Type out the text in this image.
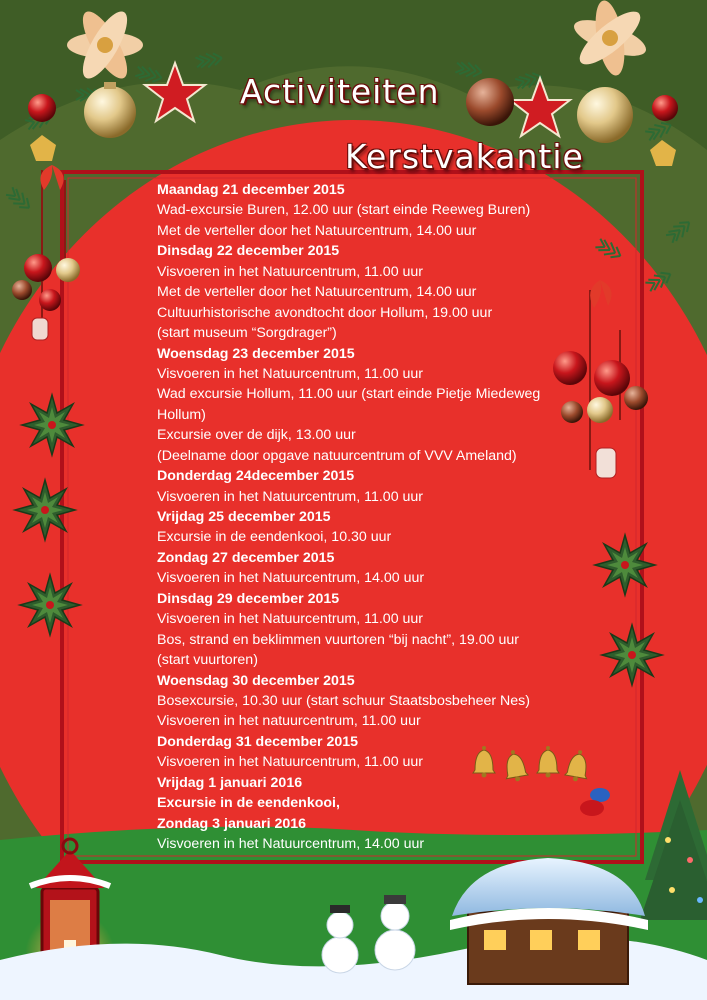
Activiteiten
Kerstvakantie
Maandag 21 december 2015
Wad-excursie Buren, 12.00 uur (start einde Reeweg Buren)
Met de verteller door het Natuurcentrum, 14.00 uur
Dinsdag 22 december 2015
Visvoeren in het Natuurcentrum, 11.00 uur
Met de verteller door het Natuurcentrum, 14.00 uur
Cultuurhistorische avondtocht door Hollum, 19.00 uur
(start museum “Sorgdrager”)
Woensdag 23 december 2015
Visvoeren in het Natuurcentrum, 11.00 uur
Wad excursie Hollum, 11.00 uur (start einde Pietje Miedeweg
Hollum)
Excursie over de dijk, 13.00 uur
(Deelname door opgave natuurcentrum of VVV Ameland)
Donderdag 24december 2015
Visvoeren in het Natuurcentrum, 11.00 uur
Vrijdag 25 december 2015
Excursie in de eendenkooi, 10.30 uur
Zondag 27 december 2015
Visvoeren in het Natuurcentrum, 14.00 uur
Dinsdag 29 december 2015
Visvoeren in het Natuurcentrum, 11.00 uur
Bos, strand en beklimmen vuurtoren “bij nacht”, 19.00 uur
(start vuurtoren)
Woensdag 30 december 2015
Bosexcursie, 10.30 uur (start schuur Staatsbosbeheer Nes)
Visvoeren in het natuurcentrum, 11.00 uur
Donderdag 31 december 2015
Visvoeren in het Natuurcentrum, 11.00 uur
Vrijdag 1 januari 2016
Excursie in de eendenkooi,
Zondag 3 januari 2016
Visvoeren in het Natuurcentrum, 14.00 uur
